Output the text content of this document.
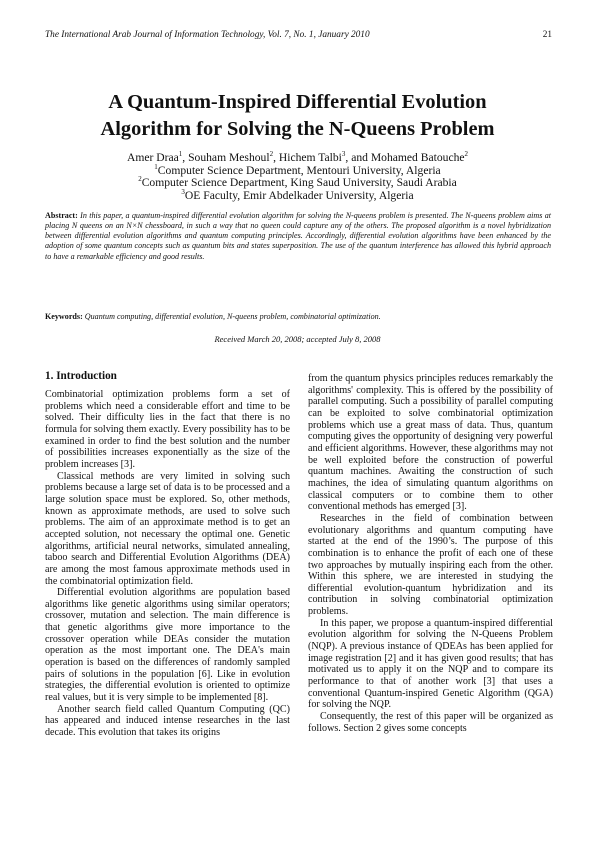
The International Arab Journal of Information Technology, Vol. 7, No. 1, January 2010	21
A Quantum-Inspired Differential Evolution
Algorithm for Solving the N-Queens Problem
Amer Draa$^1$, Souham Meshoul$^2$, Hichem Talbi$^3$, and Mohamed Batouche$^2$
$^1$Computer Science Department, Mentouri University, Algeria
$^2$Computer Science Department, King Saud University, Saudi Arabia
$^3$OE Faculty, Emir Abdelkader University, Algeria

Abstract: In this paper, a quantum-inspired differential evolution algorithm for solving the N-queens problem is presented. The N-queens problem aims at placing N queens on an N×N chessboard, in such a way that no queen could capture any of the others. The proposed algorithm is a novel hybridization between differential evolution algorithms and quantum computing principles. Accordingly, differential evolution algorithms have been enhanced by the adoption of some quantum concepts such as quantum bits and states superposition. The use of the quantum interference has allowed this hybrid approach to have a remarkable efficiency and good results.

Keywords: Quantum computing, differential evolution, N-queens problem, combinatorial optimization.

Received March 20, 2008; accepted July 8, 2008

1. Introduction

Combinatorial optimization problems form a set of problems which need a considerable effort and time to be solved. Their difficulty lies in the fact that there is no formula for solving them exactly. Every possibility has to be examined in order to find the best solution and the number of possibilities increases exponentially as the size of the problem increases [3].

Classical methods are very limited in solving such problems because a large set of data is to be processed and a large solution space must be explored. So, other methods, known as approximate methods, are used to solve such problems. The aim of an approximate method is to get an accepted solution, not necessary the optimal one. Genetic algorithms, artificial neural networks, simulated annealing, taboo search and Differential Evolution Algorithms (DEA) are among the most famous approximate methods used in the combinatorial optimization field.

Differential evolution algorithms are population based algorithms like genetic algorithms using similar operators; crossover, mutation and selection. The main difference is that genetic algorithms give more importance to the crossover operation while DEAs consider the mutation operation as the most important one. The DEA's main operation is based on the differences of randomly sampled pairs of solutions in the population [6]. Like in evolution strategies, the differential evolution is oriented to optimize real values, but it is very simple to be implemented [8].

Another search field called Quantum Computing (QC) has appeared and induced intense researches in the last decade. This evolution that takes its origins

from the quantum physics principles reduces remarkably the algorithms' complexity. This is offered by the possibility of parallel computing. Such a possibility of parallel computing can be exploited to solve combinatorial optimization problems which use a great mass of data. Thus, quantum computing gives the opportunity of designing very powerful and efficient algorithms. However, these algorithms may not be well exploited before the construction of powerful quantum machines. Awaiting the construction of such machines, the idea of simulating quantum algorithms on classical computers or to combine them to other conventional methods has emerged [3].

Researches in the field of combination between evolutionary algorithms and quantum computing have started at the end of the 1990’s. The purpose of this combination is to enhance the profit of each one of these two approaches by mutually inspiring each from the other. Within this sphere, we are interested in studying the differential evolution-quantum hybridization and its contribution in solving combinatorial optimization problems.

In this paper, we propose a quantum-inspired differential evolution algorithm for solving the N-Queens Problem (NQP). A previous instance of QDEAs has been applied for image registration [2] and it has given good results; that has motivated us to apply it on the NQP and to compare its performance to that of another work [3] that uses a conventional Quantum-inspired Genetic Algorithm (QGA) for solving the NQP.

Consequently, the rest of this paper will be organized as follows. Section 2 gives some concepts
